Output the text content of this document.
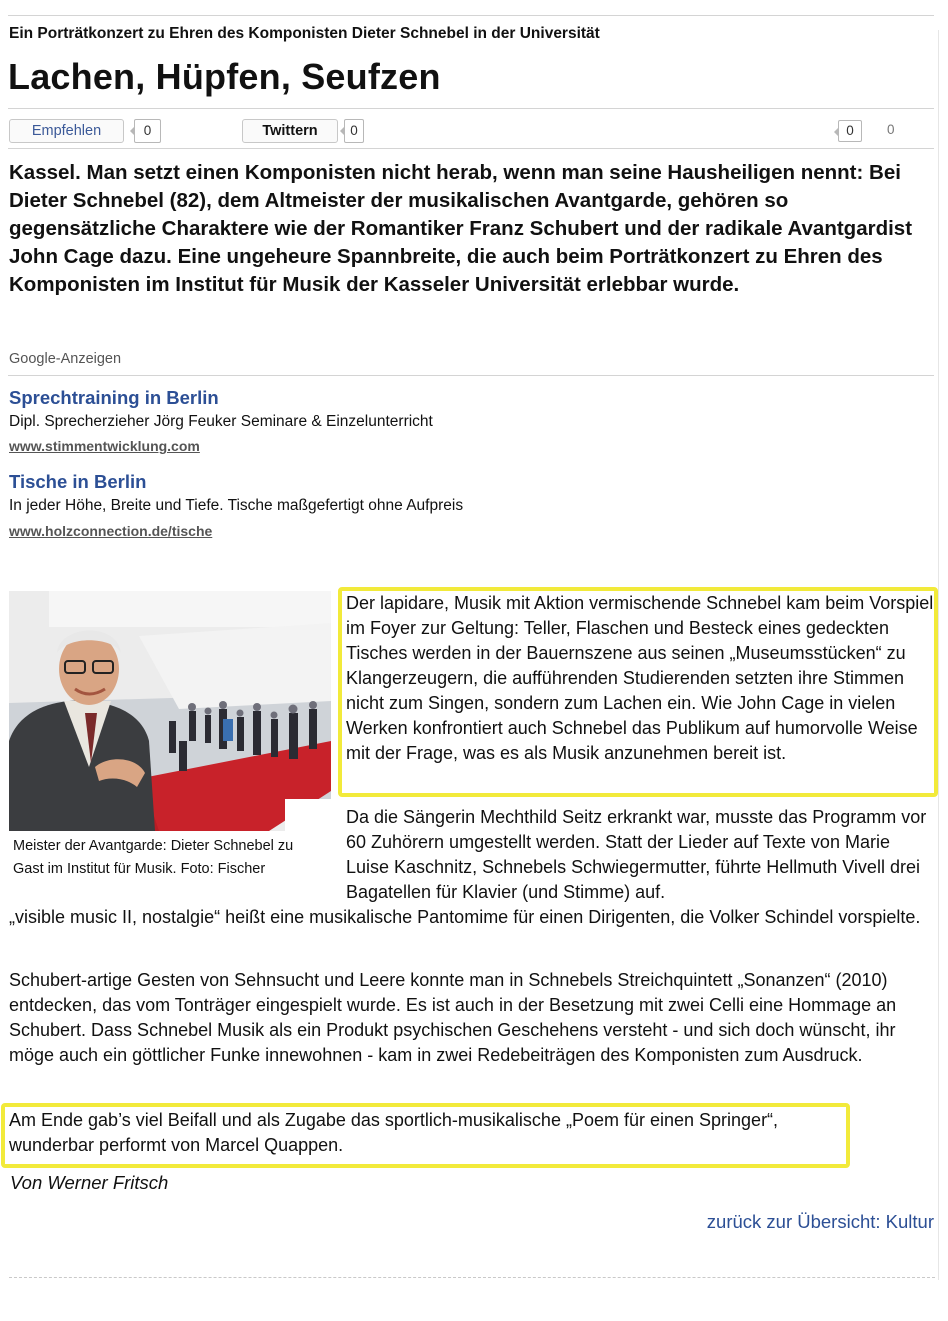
Ein Porträtkonzert zu Ehren des Komponisten Dieter Schnebel in der Universität
Lachen, Hüpfen, Seufzen
Empfehlen	0	Twittern	0	0	0

Kassel. Man setzt einen Komponisten nicht herab, wenn man seine Hausheiligen nennt: Bei Dieter Schnebel (82), dem Altmeister der musikalischen Avantgarde, gehören so gegensätzliche Charaktere wie der Romantiker Franz Schubert und der radikale Avantgardist John Cage dazu. Eine ungeheure Spannbreite, die auch beim Porträtkonzert zu Ehren des Komponisten im Institut für Musik der Kasseler Universität erlebbar wurde.

Google-Anzeigen
Sprechtraining in Berlin
Dipl. Sprecherzieher Jörg Feuker Seminare & Einzelunterricht
www.stimmentwicklung.com
Tische in Berlin
In jeder Höhe, Breite und Tiefe. Tische maßgefertigt ohne Aufpreis
www.holzconnection.de/tische

Meister der Avantgarde: Dieter Schnebel zu Gast im Institut für Musik. Foto: Fischer

Der lapidare, Musik mit Aktion vermischende Schnebel kam beim Vorspiel im Foyer zur Geltung: Teller, Flaschen und Besteck eines gedeckten Tisches werden in der Bauernszene aus seinen „Museumsstücken“ zu Klangerzeugern, die aufführenden Studierenden setzten ihre Stimmen nicht zum Singen, sondern zum Lachen ein. Wie John Cage in vielen Werken konfrontiert auch Schnebel das Publikum auf humorvolle Weise mit der Frage, was es als Musik anzunehmen bereit ist.

Da die Sängerin Mechthild Seitz erkrankt war, musste das Programm vor 60 Zuhörern umgestellt werden. Statt der Lieder auf Texte von Marie Luise Kaschnitz, Schnebels Schwiegermutter, führte Hellmuth Vivell drei Bagatellen für Klavier (und Stimme) auf.

„visible music II, nostalgie“ heißt eine musikalische Pantomime für einen Dirigenten, die Volker Schindel vorspielte.

Schubert-artige Gesten von Sehnsucht und Leere konnte man in Schnebels Streichquintett „Sonanzen“ (2010) entdecken, das vom Tonträger eingespielt wurde. Es ist auch in der Besetzung mit zwei Celli eine Hommage an Schubert. Dass Schnebel Musik als ein Produkt psychischen Geschehens versteht - und sich doch wünscht, ihr möge auch ein göttlicher Funke innewohnen - kam in zwei Redebeiträgen des Komponisten zum Ausdruck.

Am Ende gab’s viel Beifall und als Zugabe das sportlich-musikalische „Poem für einen Springer“, wunderbar performt von Marcel Quappen.

Von Werner Fritsch
zurück zur Übersicht: Kultur
